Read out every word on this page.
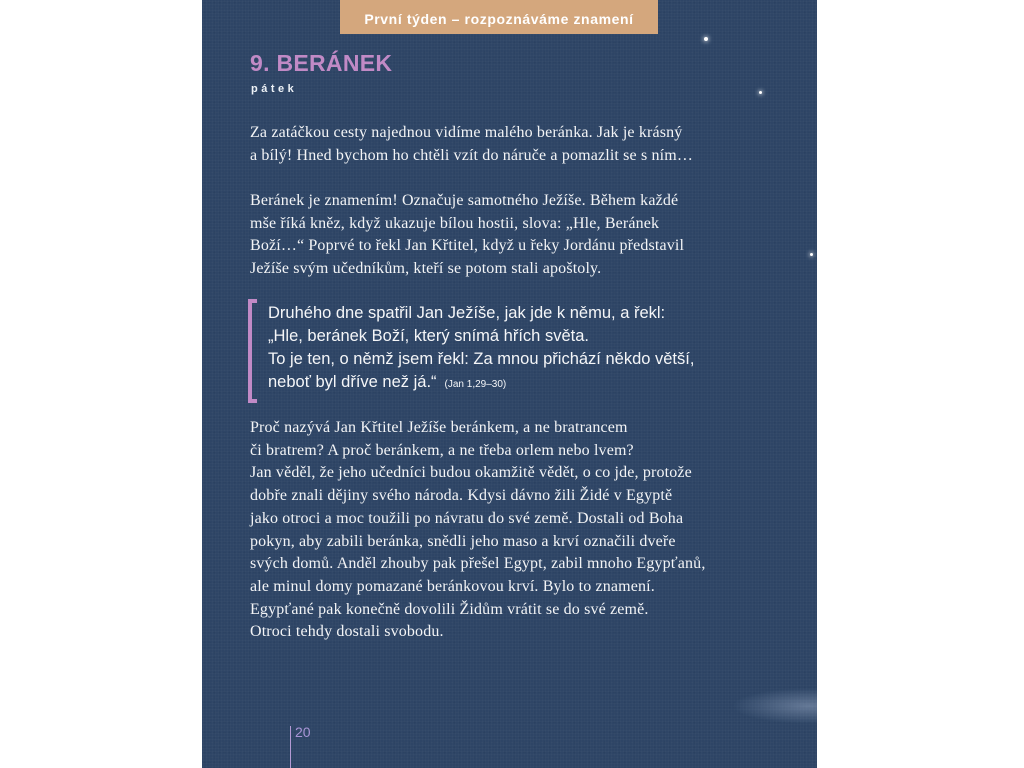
První týden – rozpoznáváme znamení
9. BERÁNEK
pátek

Za zatáčkou cesty najednou vidíme malého beránka. Jak je krásný
a bílý! Hned bychom ho chtěli vzít do náruče a pomazlit se s ním…

Beránek je znamením! Označuje samotného Ježíše. Během každé
mše říká kněz, když ukazuje bílou hostii, slova: „Hle, Beránek
Boží…“ Poprvé to řekl Jan Křtitel, když u řeky Jordánu představil
Ježíše svým učedníkům, kteří se potom stali apoštoly.

Druhého dne spatřil Jan Ježíše, jak jde k němu, a řekl:
„Hle, beránek Boží, který snímá hřích světa.
To je ten, o němž jsem řekl: Za mnou přichází někdo větší,
neboť byl dříve než já.“ (Jan 1,29–30)

Proč nazývá Jan Křtitel Ježíše beránkem, a ne bratrancem
či bratrem? A proč beránkem, a ne třeba orlem nebo lvem?
Jan věděl, že jeho učedníci budou okamžitě vědět, o co jde, protože
dobře znali dějiny svého národa. Kdysi dávno žili Židé v Egyptě
jako otroci a moc toužili po návratu do své země. Dostali od Boha
pokyn, aby zabili beránka, snědli jeho maso a krví označili dveře
svých domů. Anděl zhouby pak přešel Egypt, zabil mnoho Egypťanů,
ale minul domy pomazané beránkovou krví. Bylo to znamení.
Egypťané pak konečně dovolili Židům vrátit se do své země.
Otroci tehdy dostali svobodu.

20
